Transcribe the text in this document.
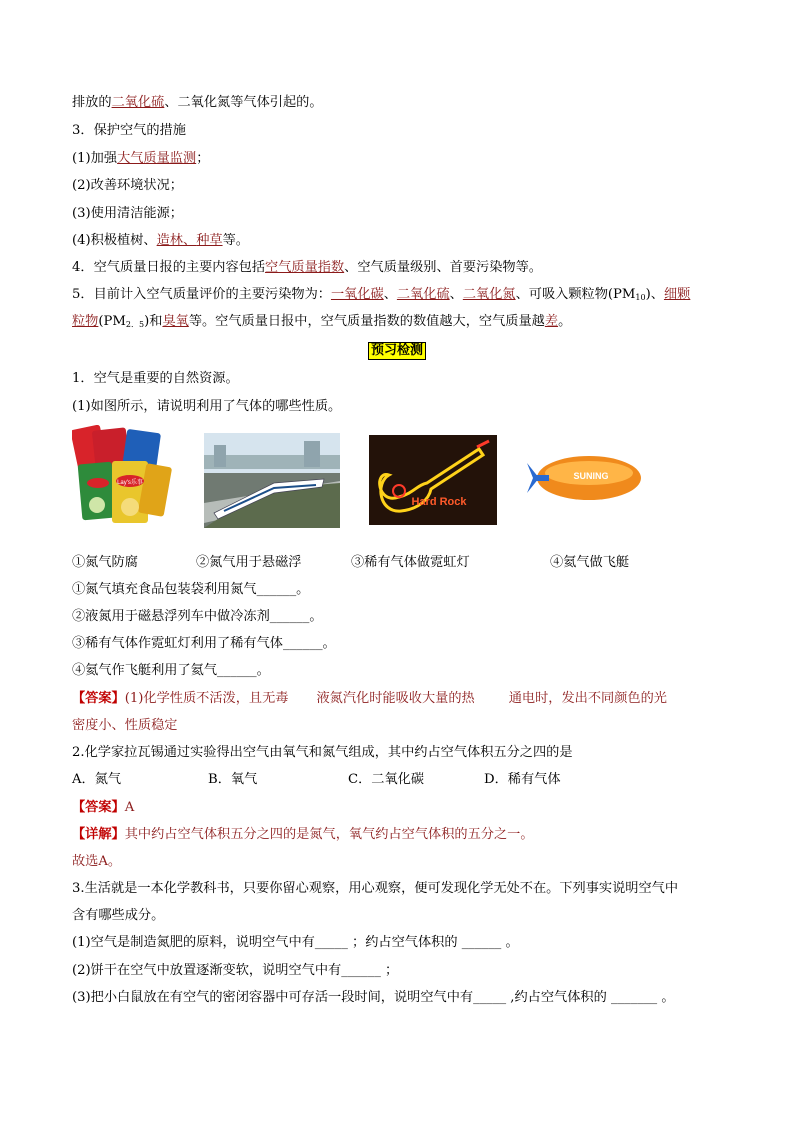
排放的二氧化硫、二氧化氮等气体引起的。
3．保护空气的措施
(1)加强大气质量监测；
(2)改善环境状况；
(3)使用清洁能源；
(4)积极植树、造林、种草等。
4．空气质量日报的主要内容包括空气质量指数、空气质量级别、首要污染物等。
5．目前计入空气质量评价的主要污染物为：一氧化碳、二氧化硫、二氧化氮、可吸入颗粒物$(PM_{10})$、细颗
粒物$(PM_{2.5})$和臭氧等。空气质量日报中，空气质量指数的数值越大，空气质量越差。
预习检测
1．空气是重要的自然资源。
(1)如图所示，请说明利用了气体的哪些性质。
Lay's乐事
Hard Rock
SUNING
①氮气防腐	②氮气用于悬磁浮	③稀有气体做霓虹灯	④氦气做飞艇
①氮气填充食品包装袋利用氮气______。
②液氮用于磁悬浮列车中做冷冻剂______。
③稀有气体作霓虹灯利用了稀有气体______。
④氦气作飞艇利用了氦气______。
【答案】(1)化学性质不活泼，且无毒 液氮汽化时能吸收大量的热	通电时，发出不同颜色的光
密度小、性质稳定
2.化学家拉瓦锡通过实验得出空气由氧气和氮气组成，其中约占空气体积五分之四的是
A．氮气	B．氧气	C．二氧化碳	D．稀有气体
【答案】A
【详解】其中约占空气体积五分之四的是氮气，氧气约占空气体积的五分之一。
故选A。
3.生活就是一本化学教科书，只要你留心观察，用心观察，便可发现化学无处不在。下列事实说明空气中
含有哪些成分。
(1)空气是制造氮肥的原料，说明空气中有_____ ；约占空气体积的 ______ 。
(2)饼干在空气中放置逐渐变软，说明空气中有______ ；
(3)把小白鼠放在有空气的密闭容器中可存活一段时间，说明空气中有_____ ,约占空气体积的 _______ 。
